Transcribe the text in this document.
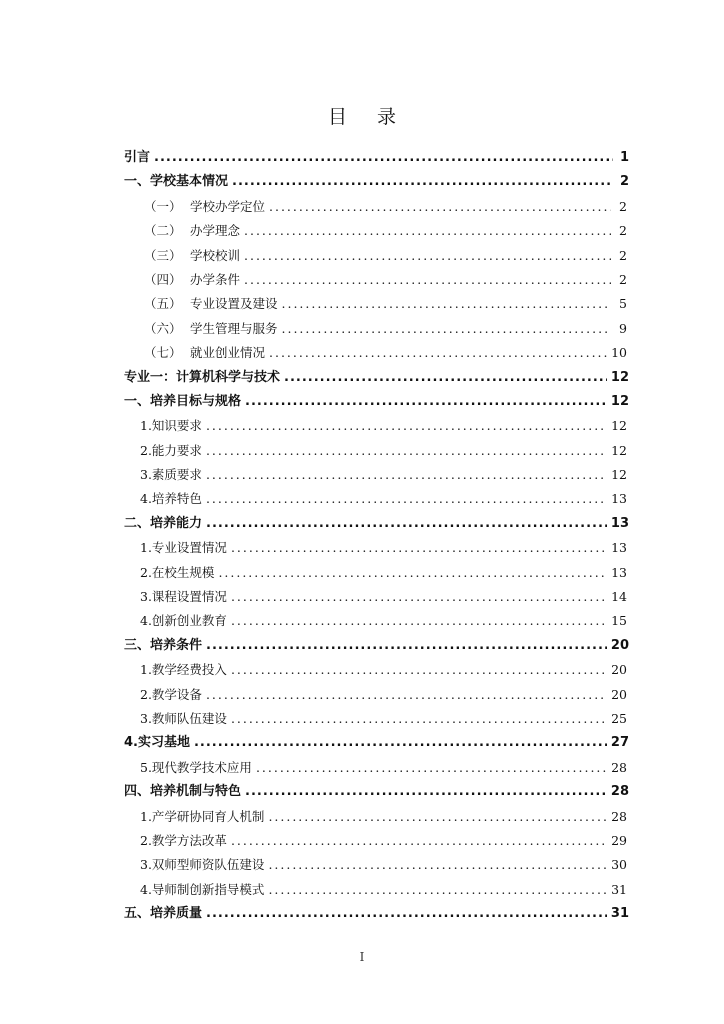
目 录
引言 .....	1
一、学校基本情况 .....	2
（一） 学校办学定位 .....	2
（二） 办学理念 .....	2
（三） 学校校训 .....	2
（四） 办学条件 .....	2
（五） 专业设置及建设 .....	5
（六） 学生管理与服务 .....	9
（七） 就业创业情况 .....	10
专业一：计算机科学与技术 .....	12
一、培养目标与规格 .....	12
1.知识要求 .....	12
2.能力要求 .....	12
3.素质要求 .....	12
4.培养特色 .....	13
二、培养能力 .....	13
1.专业设置情况 .....	13
2.在校生规模 .....	13
3.课程设置情况 .....	14
4.创新创业教育 .....	15
三、培养条件 .....	20
1.教学经费投入 .....	20
2.教学设备 .....	20
3.教师队伍建设 .....	25
4.实习基地 .....	27
5.现代教学技术应用 .....	28
四、培养机制与特色 .....	28
1.产学研协同育人机制 .....	28
2.教学方法改革 .....	29
3.双师型师资队伍建设 .....	30
4.导师制创新指导模式 .....	31
五、培养质量 .....	31
I
